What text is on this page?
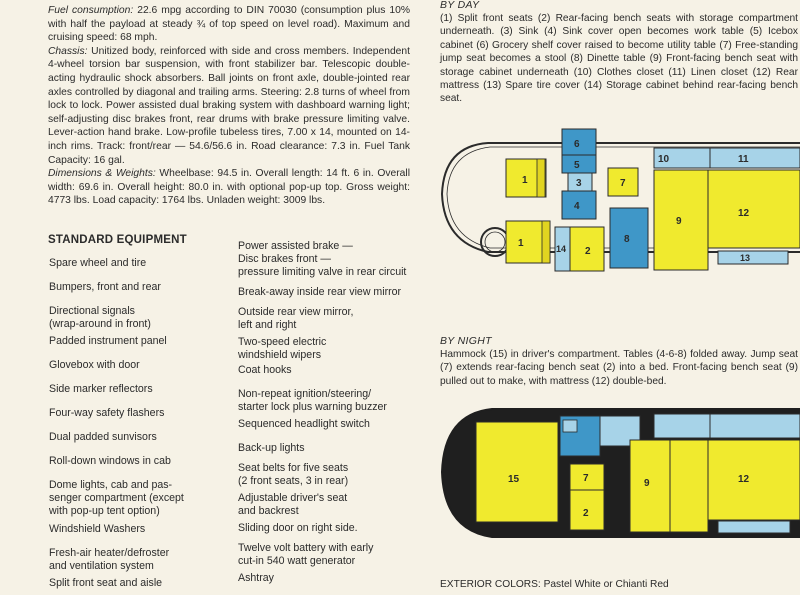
Fuel consumption: 22.6 mpg according to DIN 70030 (consumption plus 10% with half the payload at steady ¾ of top speed on level road). Maximum and cruising speed: 68 mph.

Chassis: Unitized body, reinforced with side and cross members. Independent 4-wheel torsion bar suspension, with front stabilizer bar. Telescopic double-acting hydraulic shock absorbers. Ball joints on front axle, double-jointed rear axles controlled by diagonal and trailing arms. Steering: 2.8 turns of wheel from lock to lock. Power assisted dual braking system with dashboard warning light; self-adjusting disc brakes front, rear drums with brake pressure limiting valve. Lever-action hand brake. Low-profile tubeless tires, 7.00 x 14, mounted on 14-inch rims. Track: front/rear — 54.6/56.6 in. Road clearance: 7.3 in. Fuel Tank Capacity: 16 gal.

Dimensions & Weights: Wheelbase: 94.5 in. Overall length: 14 ft. 6 in. Overall width: 69.6 in. Overall height: 80.0 in. with optional pop-up top. Gross weight: 4773 lbs. Load capacity: 1764 lbs. Unladen weight: 3009 lbs.

STANDARD EQUIPMENT
Spare wheel and tire
Bumpers, front and rear
Directional signals
(wrap-around in front)
Padded instrument panel
Glovebox with door
Side marker reflectors
Four-way safety flashers
Dual padded sunvisors
Roll-down windows in cab
Dome lights, cab and pas-
senger compartment (except
with pop-up tent option)
Windshield Washers
Fresh-air heater/defroster
and ventilation system
Split front seat and aisle
Power assisted brake —
Disc brakes front —
pressure limiting valve in rear circuit
Break-away inside rear view mirror
Outside rear view mirror,
left and right
Two-speed electric
windshield wipers
Coat hooks
Non-repeat ignition/steering/
starter lock plus warning buzzer
Sequenced headlight switch
Back-up lights
Seat belts for five seats
(2 front seats, 3 in rear)
Adjustable driver's seat
and backrest
Sliding door on right side.
Twelve volt battery with early
cut-in 540 watt generator
Ashtray
BY DAY
(1) Split front seats (2) Rear-facing bench seats with storage compartment underneath. (3) Sink (4) Sink cover open becomes work table (5) Icebox cabinet (6) Grocery shelf cover raised to become utility table (7) Free-standing jump seat becomes a stool (8) Dinette table (9) Front-facing bench seat with storage cabinet underneath (10) Clothes closet (11) Linen closet (12) Rear mattress (13) Spare tire cover (14) Storage cabinet behind rear-facing bench seat.
1
1
6
5
3
4
14 2
7
8
10	11
9
12
13
BY NIGHT
Hammock (15) in driver's compartment. Tables (4-6-8) folded away. Jump seat (7) extends rear-facing bench seat (2) into a bed. Front-facing bench seat (9) pulled out to make, with mattress (12) double-bed.
15	7
2
9	12
EXTERIOR COLORS: Pastel White or Chianti Red
